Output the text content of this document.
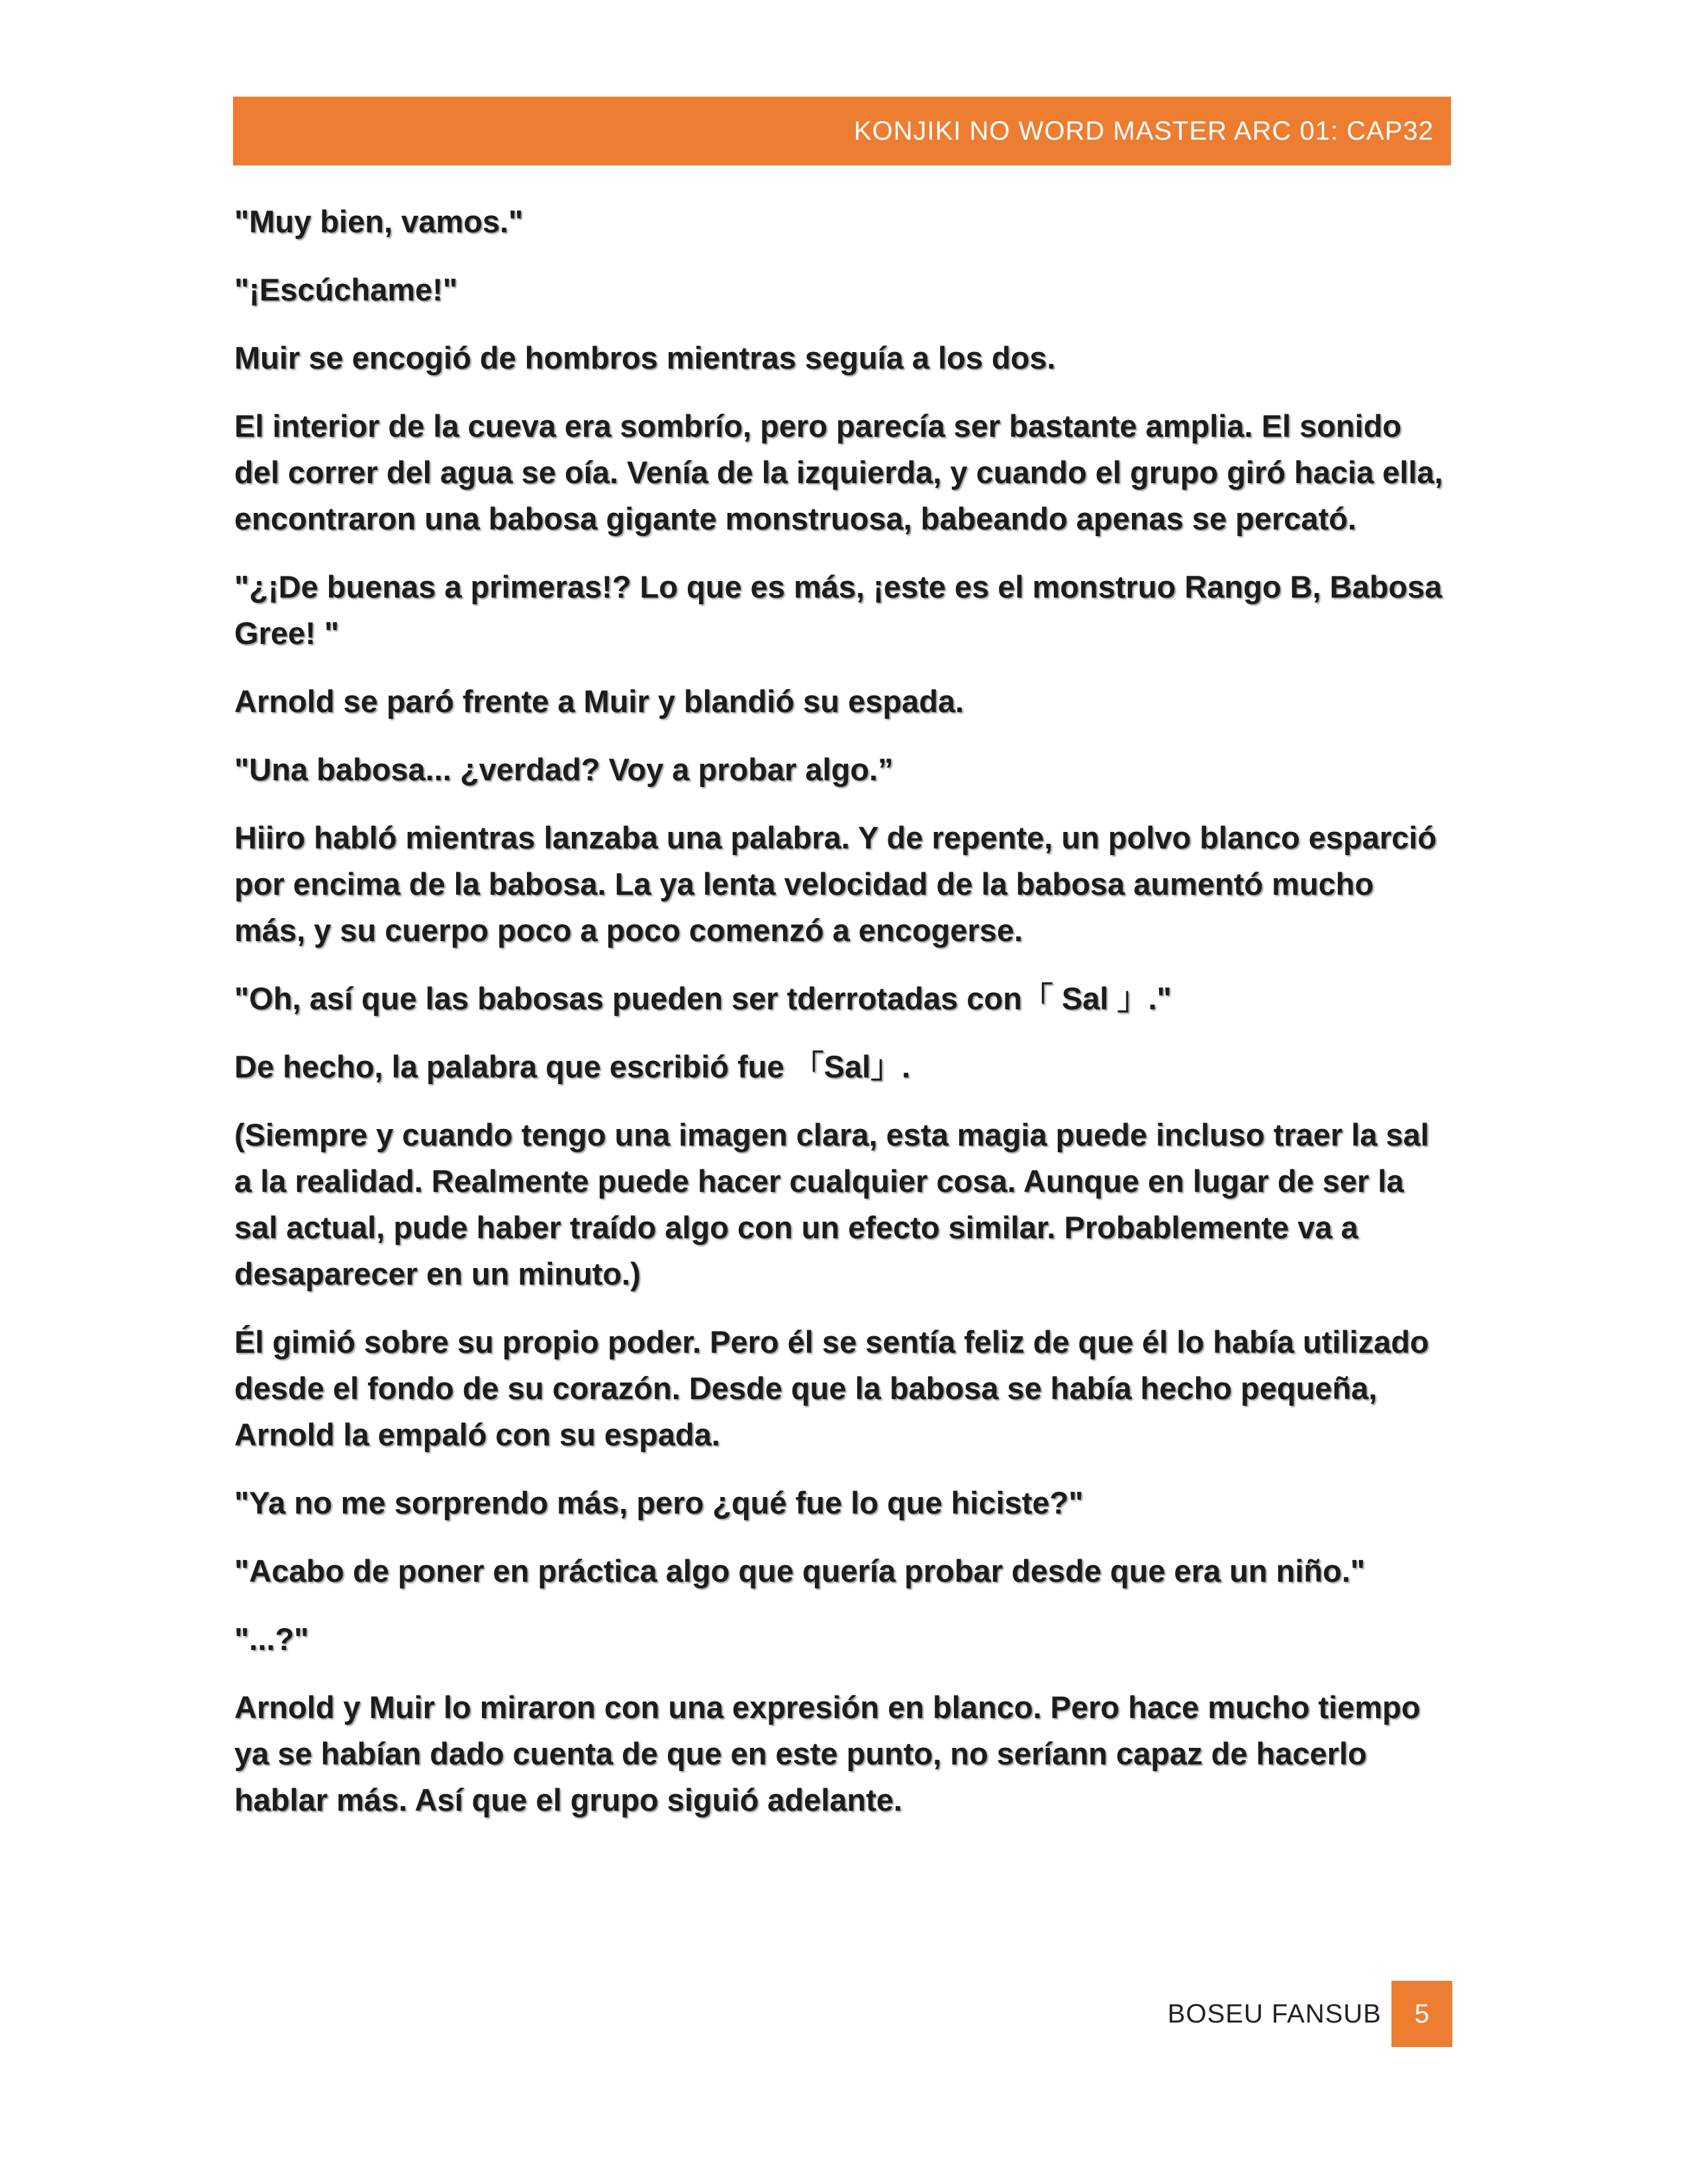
KONJIKI NO WORD MASTER ARC 01: CAP32

"Muy bien, vamos."

"¡Escúchame!"

Muir se encogió de hombros mientras seguía a los dos.

El interior de la cueva era sombrío, pero parecía ser bastante amplia. El sonido del correr del agua se oía. Venía de la izquierda, y cuando el grupo giró hacia ella, encontraron una babosa gigante monstruosa, babeando apenas se percató.

"¿¡De buenas a primeras!? Lo que es más, ¡este es el monstruo Rango B, Babosa Gree! "

Arnold se paró frente a Muir y blandió su espada.

"Una babosa... ¿verdad? Voy a probar algo.”

Hiiro habló mientras lanzaba una palabra. Y de repente, un polvo blanco esparció por encima de la babosa. La ya lenta velocidad de la babosa aumentó mucho más, y su cuerpo poco a poco comenzó a encogerse.

"Oh, así que las babosas pueden ser tderrotadas con「 Sal 」."

De hecho, la palabra que escribió fue 「Sal」.

(Siempre y cuando tengo una imagen clara, esta magia puede incluso traer la sal a la realidad. Realmente puede hacer cualquier cosa. Aunque en lugar de ser la sal actual, pude haber traído algo con un efecto similar. Probablemente va a desaparecer en un minuto.)

Él gimió sobre su propio poder. Pero él se sentía feliz de que él lo había utilizado desde el fondo de su corazón. Desde que la babosa se había hecho pequeña, Arnold la empaló con su espada.

"Ya no me sorprendo más, pero ¿qué fue lo que hiciste?"

"Acabo de poner en práctica algo que quería probar desde que era un niño."

"...?"

Arnold y Muir lo miraron con una expresión en blanco. Pero hace mucho tiempo ya se habían dado cuenta de que en este punto, no seríann capaz de hacerlo hablar más. Así que el grupo siguió adelante.

BOSEU FANSUB	5
